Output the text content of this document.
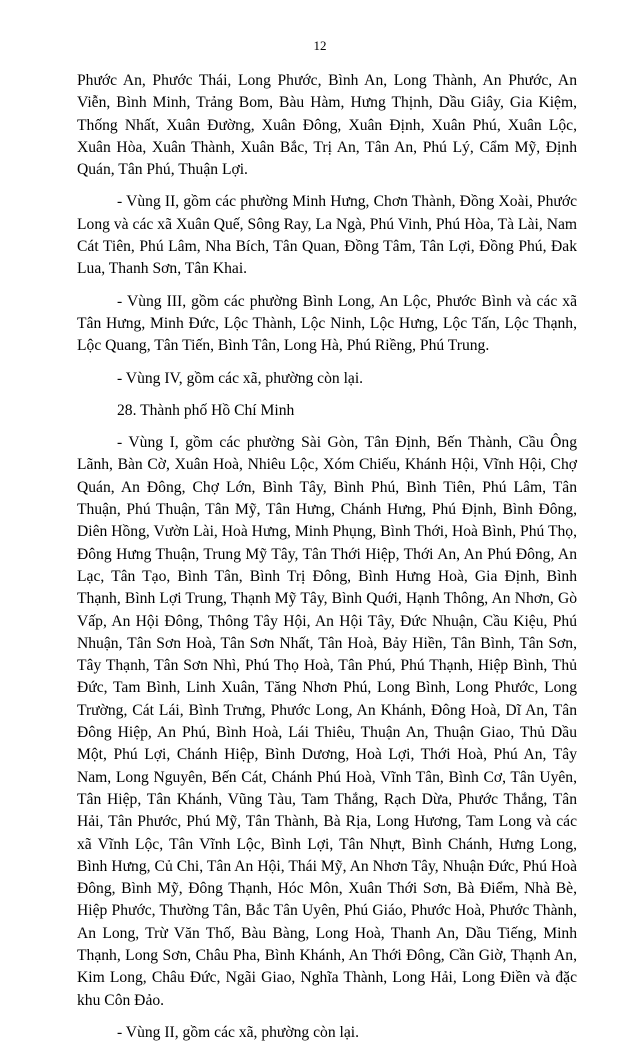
12

Phước An, Phước Thái, Long Phước, Bình An, Long Thành, An Phước, An Viễn, Bình Minh, Trảng Bom, Bàu Hàm, Hưng Thịnh, Dầu Giây, Gia Kiệm, Thống Nhất, Xuân Đường, Xuân Đông, Xuân Định, Xuân Phú, Xuân Lộc, Xuân Hòa, Xuân Thành, Xuân Bắc, Trị An, Tân An, Phú Lý, Cẩm Mỹ, Định Quán, Tân Phú, Thuận Lợi.

- Vùng II, gồm các phường Minh Hưng, Chơn Thành, Đồng Xoài, Phước Long và các xã Xuân Quế, Sông Ray, La Ngà, Phú Vinh, Phú Hòa, Tà Lài, Nam Cát Tiên, Phú Lâm, Nha Bích, Tân Quan, Đồng Tâm, Tân Lợi, Đồng Phú, Đak Lua, Thanh Sơn, Tân Khai.

- Vùng III, gồm các phường Bình Long, An Lộc, Phước Bình và các xã Tân Hưng, Minh Đức, Lộc Thành, Lộc Ninh, Lộc Hưng, Lộc Tấn, Lộc Thạnh, Lộc Quang, Tân Tiến, Bình Tân, Long Hà, Phú Riềng, Phú Trung.

- Vùng IV, gồm các xã, phường còn lại.

28. Thành phố Hồ Chí Minh

- Vùng I, gồm các phường Sài Gòn, Tân Định, Bến Thành, Cầu Ông Lãnh, Bàn Cờ, Xuân Hoà, Nhiêu Lộc, Xóm Chiếu, Khánh Hội, Vĩnh Hội, Chợ Quán, An Đông, Chợ Lớn, Bình Tây, Bình Phú, Bình Tiên, Phú Lâm, Tân Thuận, Phú Thuận, Tân Mỹ, Tân Hưng, Chánh Hưng, Phú Định, Bình Đông, Diên Hồng, Vườn Lài, Hoà Hưng, Minh Phụng, Bình Thới, Hoà Bình, Phú Thọ, Đông Hưng Thuận, Trung Mỹ Tây, Tân Thới Hiệp, Thới An, An Phú Đông, An Lạc, Tân Tạo, Bình Tân, Bình Trị Đông, Bình Hưng Hoà, Gia Định, Bình Thạnh, Bình Lợi Trung, Thạnh Mỹ Tây, Bình Quới, Hạnh Thông, An Nhơn, Gò Vấp, An Hội Đông, Thông Tây Hội, An Hội Tây, Đức Nhuận, Cầu Kiệu, Phú Nhuận, Tân Sơn Hoà, Tân Sơn Nhất, Tân Hoà, Bảy Hiền, Tân Bình, Tân Sơn, Tây Thạnh, Tân Sơn Nhì, Phú Thọ Hoà, Tân Phú, Phú Thạnh, Hiệp Bình, Thủ Đức, Tam Bình, Linh Xuân, Tăng Nhơn Phú, Long Bình, Long Phước, Long Trường, Cát Lái, Bình Trưng, Phước Long, An Khánh, Đông Hoà, Dĩ An, Tân Đông Hiệp, An Phú, Bình Hoà, Lái Thiêu, Thuận An, Thuận Giao, Thủ Dầu Một, Phú Lợi, Chánh Hiệp, Bình Dương, Hoà Lợi, Thới Hoà, Phú An, Tây Nam, Long Nguyên, Bến Cát, Chánh Phú Hoà, Vĩnh Tân, Bình Cơ, Tân Uyên, Tân Hiệp, Tân Khánh, Vũng Tàu, Tam Thắng, Rạch Dừa, Phước Thắng, Tân Hải, Tân Phước, Phú Mỹ, Tân Thành, Bà Rịa, Long Hương, Tam Long và các xã Vĩnh Lộc, Tân Vĩnh Lộc, Bình Lợi, Tân Nhựt, Bình Chánh, Hưng Long, Bình Hưng, Củ Chi, Tân An Hội, Thái Mỹ, An Nhơn Tây, Nhuận Đức, Phú Hoà Đông, Bình Mỹ, Đông Thạnh, Hóc Môn, Xuân Thới Sơn, Bà Điểm, Nhà Bè, Hiệp Phước, Thường Tân, Bắc Tân Uyên, Phú Giáo, Phước Hoà, Phước Thành, An Long, Trừ Văn Thố, Bàu Bàng, Long Hoà, Thanh An, Dầu Tiếng, Minh Thạnh, Long Sơn, Châu Pha, Bình Khánh, An Thới Đông, Cần Giờ, Thạnh An, Kim Long, Châu Đức, Ngãi Giao, Nghĩa Thành, Long Hải, Long Điền và đặc khu Côn Đảo.

- Vùng II, gồm các xã, phường còn lại.
